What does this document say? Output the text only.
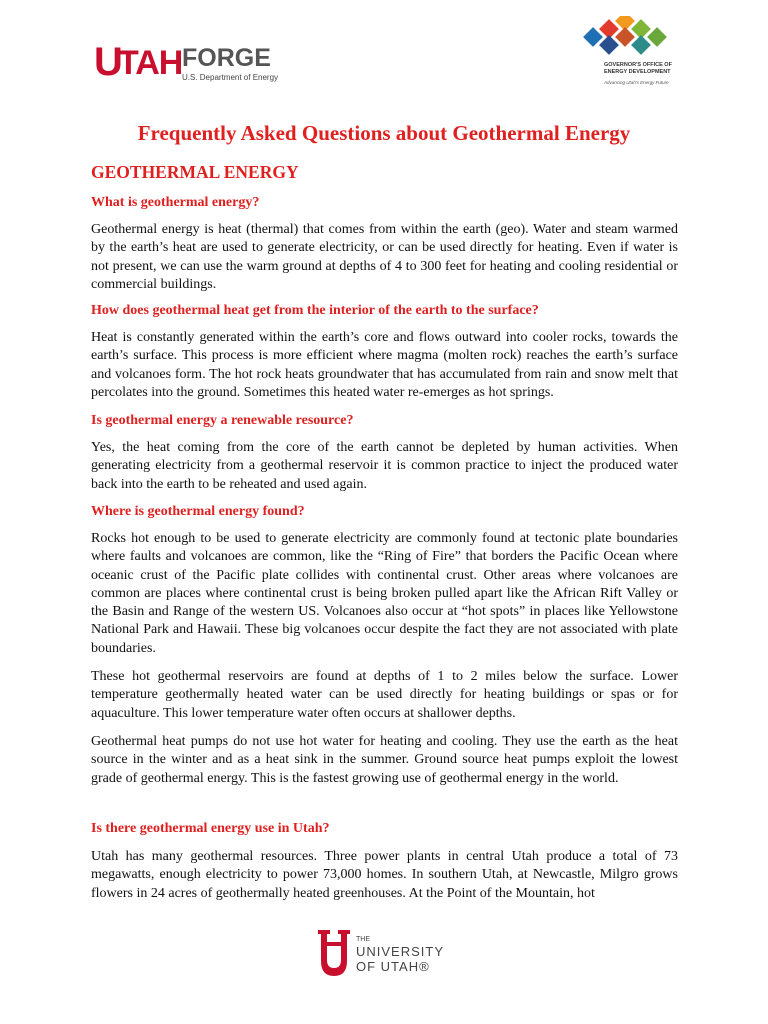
U
TAH FORGE
U.S. Department of Energy
GOVERNOR'S OFFICE OF ENERGY DEVELOPMENT
Advancing Utah's Energy Future
Frequently Asked Questions about Geothermal Energy
GEOTHERMAL ENERGY
What is geothermal energy?

Geothermal energy is heat (thermal) that comes from within the earth (geo). Water and steam warmed by the earth’s heat are used to generate electricity, or can be used directly for heating. Even if water is not present, we can use the warm ground at depths of 4 to 300 feet for heating and cooling residential or commercial buildings.

How does geothermal heat get from the interior of the earth to the surface?

Heat is constantly generated within the earth’s core and flows outward into cooler rocks, towards the earth’s surface. This process is more efficient where magma (molten rock) reaches the earth’s surface and volcanoes form. The hot rock heats groundwater that has accumulated from rain and snow melt that percolates into the ground. Sometimes this heated water re-emerges as hot springs.

Is geothermal energy a renewable resource?

Yes, the heat coming from the core of the earth cannot be depleted by human activities. When generating electricity from a geothermal reservoir it is common practice to inject the produced water back into the earth to be reheated and used again.

Where is geothermal energy found?

Rocks hot enough to be used to generate electricity are commonly found at tectonic plate boundaries where faults and volcanoes are common, like the “Ring of Fire” that borders the Pacific Ocean where oceanic crust of the Pacific plate collides with continental crust. Other areas where volcanoes are common are places where continental crust is being broken pulled apart like the African Rift Valley or the Basin and Range of the western US. Volcanoes also occur at “hot spots” in places like Yellowstone National Park and Hawaii. These big volcanoes occur despite the fact they are not associated with plate boundaries.

These hot geothermal reservoirs are found at depths of 1 to 2 miles below the surface. Lower temperature geothermally heated water can be used directly for heating buildings or spas or for aquaculture. This lower temperature water often occurs at shallower depths.

Geothermal heat pumps do not use hot water for heating and cooling. They use the earth as the heat source in the winter and as a heat sink in the summer. Ground source heat pumps exploit the lowest grade of geothermal energy. This is the fastest growing use of geothermal energy in the world.

Is there geothermal energy use in Utah?

Utah has many geothermal resources. Three power plants in central Utah produce a total of 73 megawatts, enough electricity to power 73,000 homes. In southern Utah, at Newcastle, Milgro grows flowers in 24 acres of geothermally heated greenhouses. At the Point of the Mountain, hot

THE
UNIVERSITY
OF UTAH®
